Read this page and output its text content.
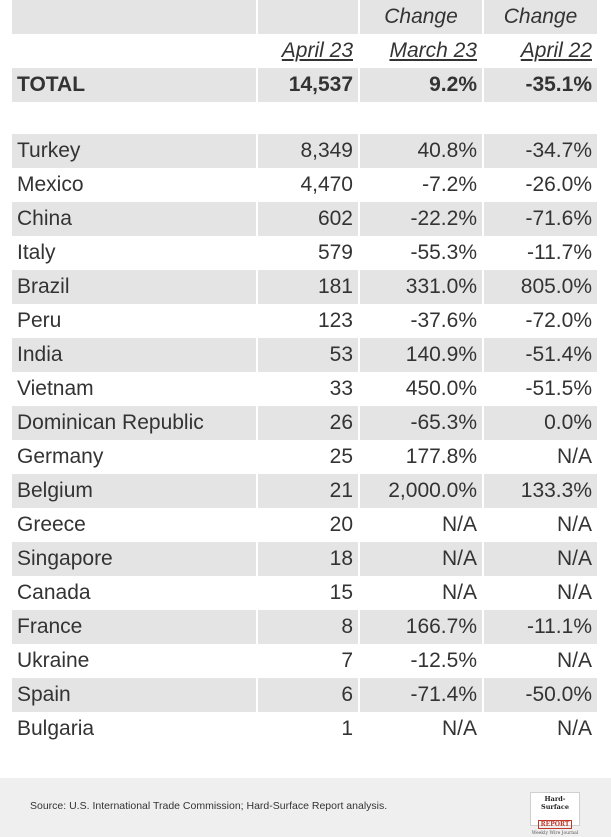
		Change	Change
	April 23	March 23	April 22
TOTAL	14,537	9.2%	-35.1%

Turkey	8,349	40.8%	-34.7%
Mexico	4,470	-7.2%	-26.0%
China	602	-22.2%	-71.6%
Italy	579	-55.3%	-11.7%
Brazil	181	331.0%	805.0%
Peru	123	-37.6%	-72.0%
India	53	140.9%	-51.4%
Vietnam	33	450.0%	-51.5%
Dominican Republic	26	-65.3%	0.0%
Germany	25	177.8%	N/A
Belgium	21	2,000.0%	133.3%
Greece	20	N/A	N/A
Singapore	18	N/A	N/A
Canada	15	N/A	N/A
France	8	166.7%	-11.1%
Ukraine	7	-12.5%	N/A
Spain	6	-71.4%	-50.0%
Bulgaria	1	N/A	N/A
Source: U.S. International Trade Commission; Hard-Surface Report analysis.
Hard-Surface
REPORT
Weekly Wire Journal
